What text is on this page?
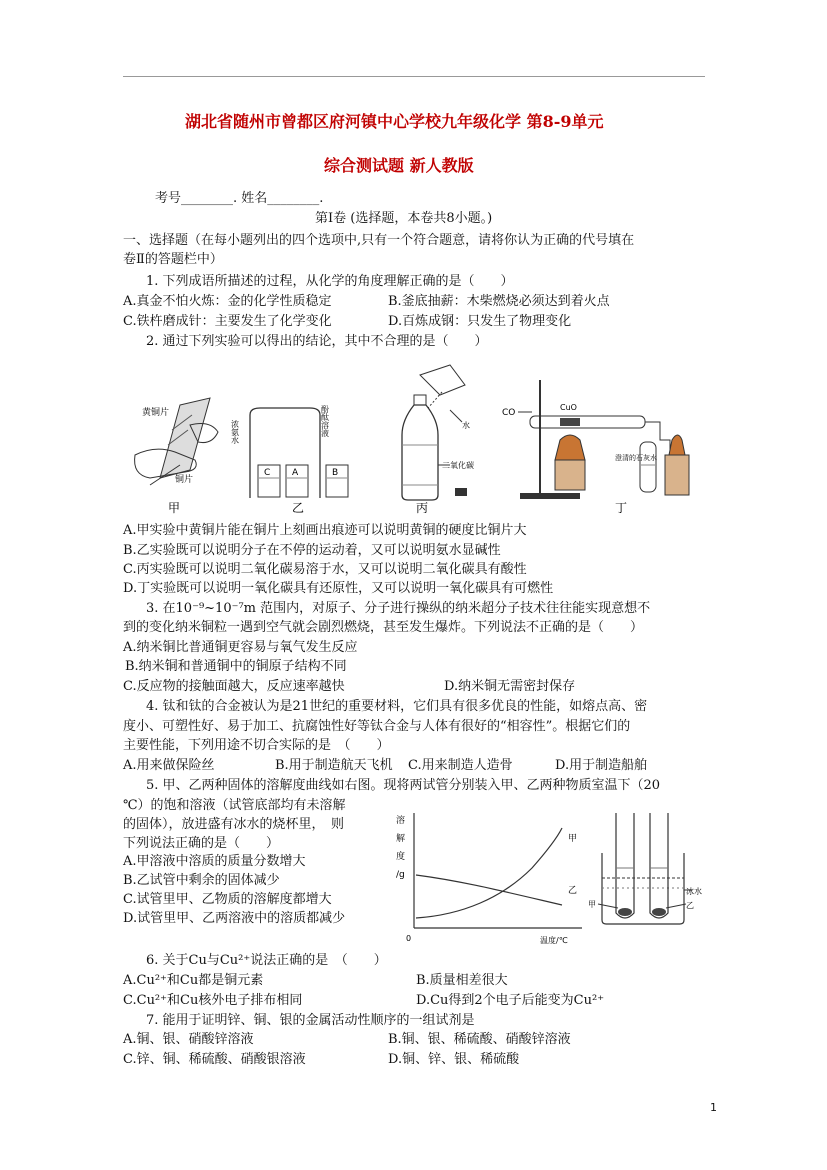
湖北省随州市曾都区府河镇中心学校九年级化学 第8-9单元
综合测试题 新人教版
考号________. 姓名________.
第Ⅰ卷 (选择题，本卷共8小题。)
一、选择题（在每小题列出的四个选项中,只有一个符合题意，请将你认为正确的代号填在
卷Ⅱ的答题栏中）
1. 下列成语所描述的过程，从化学的角度理解正确的是（　　）
A.真金不怕火炼：金的化学性质稳定	B.釜底抽薪：木柴燃烧必须达到着火点
C.铁杵磨成针：主要发生了化学变化	D.百炼成钢：只发生了物理变化
2. 通过下列实验可以得出的结论，其中不合理的是（　　）
黄铜片
铜片
甲
C A	B
浓氨水	酚酞溶液
乙
水
二氧化碳
丙
CO
CuO
澄清的石灰水
丁
A.甲实验中黄铜片能在铜片上刻画出痕迹可以说明黄铜的硬度比铜片大
B.乙实验既可以说明分子在不停的运动着，又可以说明氨水显碱性
C.丙实验既可以说明二氧化碳易溶于水，又可以说明二氧化碳具有酸性
D.丁实验既可以说明一氧化碳具有还原性，又可以说明一氧化碳具有可燃性
3. 在10⁻⁹~10⁻⁷m 范围内，对原子、分子进行操纵的纳米超分子技术往往能实现意想不
到的变化纳米铜粒一遇到空气就会剧烈燃烧，甚至发生爆炸。下列说法不正确的是（　　）
A.纳米铜比普通铜更容易与氧气发生反应
B.纳米铜和普通铜中的铜原子结构不同
C.反应物的接触面越大，反应速率越快	D.纳米铜无需密封保存
4. 钛和钛的合金被认为是21世纪的重要材料，它们具有很多优良的性能，如熔点高、密
度小、可塑性好、易于加工、抗腐蚀性好等钛合金与人体有很好的“相容性”。根据它们的
主要性能，下列用途不切合实际的是　（　　）
A.用来做保险丝	B.用于制造航天飞机 C.用来制造人造骨	D.用于制造船舶
5. 甲、乙两种固体的溶解度曲线如右图。现将两试管分别装入甲、乙两种物质室温下（20
℃）的饱和溶液（试管底部均有未溶解
的固体），放进盛有冰水的烧杯里，　则
下列说法正确的是（　　）
A.甲溶液中溶质的质量分数增大
B.乙试管中剩余的固体减少
C.试管里甲、乙物质的溶解度都增大
D.试管里甲、乙两溶液中的溶质都减少
溶
解
度
/g
0	温度/℃
甲
乙	冰水
甲	乙
6. 关于Cu与Cu²⁺说法正确的是　（　　）
A.Cu²⁺和Cu都是铜元素	B.质量相差很大
C.Cu²⁺和Cu核外电子排布相同	D.Cu得到2个电子后能变为Cu²⁺
7. 能用于证明锌、铜、银的金属活动性顺序的一组试剂是
A.铜、银、硝酸锌溶液	B.铜、银、稀硫酸、硝酸锌溶液
C.锌、铜、稀硫酸、硝酸银溶液	D.铜、锌、银、稀硫酸
1
